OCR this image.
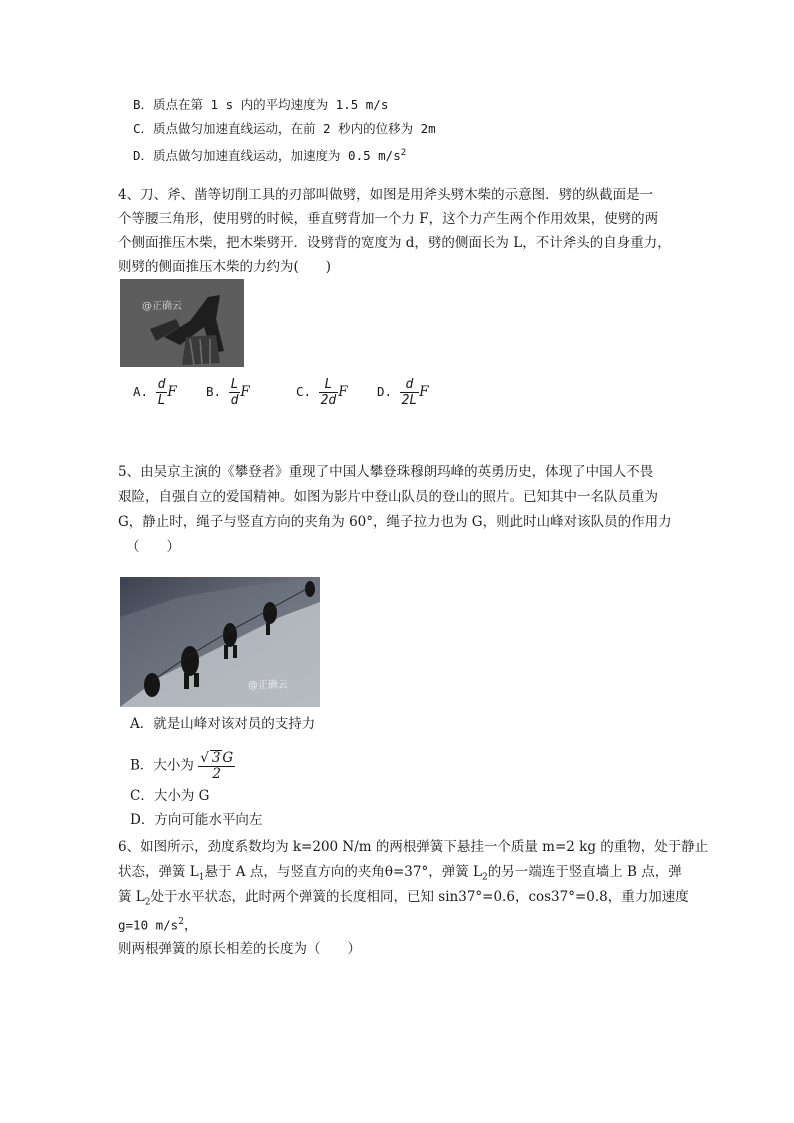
B．质点在第 1 s 内的平均速度为 1.5 m/s
C．质点做匀加速直线运动，在前 2 秒内的位移为 2m
D．质点做匀加速直线运动，加速度为 0.5 $m/s^2$
4、刀、斧、凿等切削工具的刃部叫做劈，如图是用斧头劈木柴的示意图．劈的纵截面是一
个等腰三角形，使用劈的时候，垂直劈背加一个力 F，这个力产生两个作用效果，使劈的两
个侧面推压木柴，把木柴劈开．设劈背的宽度为 d，劈的侧面长为 L，不计斧头的自身重力，
则劈的侧面推压木柴的力约为(　　)
@正确云
A. $\frac{d}{L}$ F B. $\frac{L}{d}$ F	C. $\frac{L}{2d}$ F D. $\frac{d}{2L}$ F
5、由吴京主演的《攀登者》重现了中国人攀登珠穆朗玛峰的英勇历史，体现了中国人不畏
艰险，自强自立的爱国精神。如图为影片中登山队员的登山的照片。已知其中一名队员重为
G，静止时，绳子与竖直方向的夹角为 60°，绳子拉力也为 G，则此时山峰对该队员的作用力
（　　）
@正确云
A．就是山峰对该对员的支持力
B．大小为 $\frac{√ 3 G}{2}$
C．大小为 G
D．方向可能水平向左
6、如图所示，劲度系数均为 k=200 N/m 的两根弹簧下悬挂一个质量 m=2 kg 的重物，处于静止
状态，弹簧 $L_1$悬于 A 点，与竖直方向的夹角θ=37°，弹簧 $L_2$的另一端连于竖直墙上 B 点，弹
簧 $L_2$处于水平状态，此时两个弹簧的长度相同，已知 sin37°=0.6，cos37°=0.8，重力加速度
g=10 $m/s^2$，
则两根弹簧的原长相差的长度为（　　）
